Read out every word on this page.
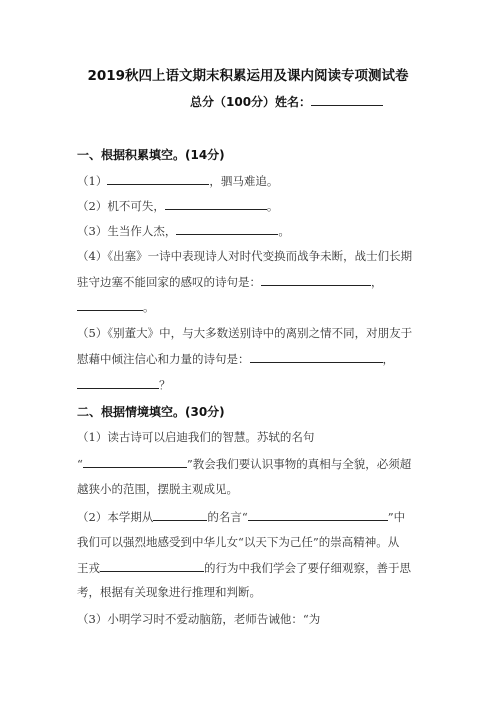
2019秋四上语文期末积累运用及课内阅读专项测试卷
总分（100分）姓名：
一、根据积累填空。(14分)
（1）	，驷马难追。
（2）机不可失，	。
（3）生当作人杰，	。
（4）《出塞》一诗中表现诗人对时代变换而战争未断，战士们长期
驻守边塞不能回家的感叹的诗句是：	，
。
（5）《别董大》中，与大多数送别诗中的离别之情不同，对朋友于
慰藉中倾注信心和力量的诗句是：	，
？
二、根据情境填空。(30分)
（1）读古诗可以启迪我们的智慧。苏轼的名句
“	”教会我们要认识事物的真相与全貌，必须超
越狭小的范围，摆脱主观成见。
（2）本学期从	的名言“	”中
我们可以强烈地感受到中华儿女“以天下为己任”的崇高精神。从
王戎	的行为中我们学会了要仔细观察，善于思
考，根据有关现象进行推理和判断。
（3）小明学习时不爱动脑筋，老师告诫他：“为
